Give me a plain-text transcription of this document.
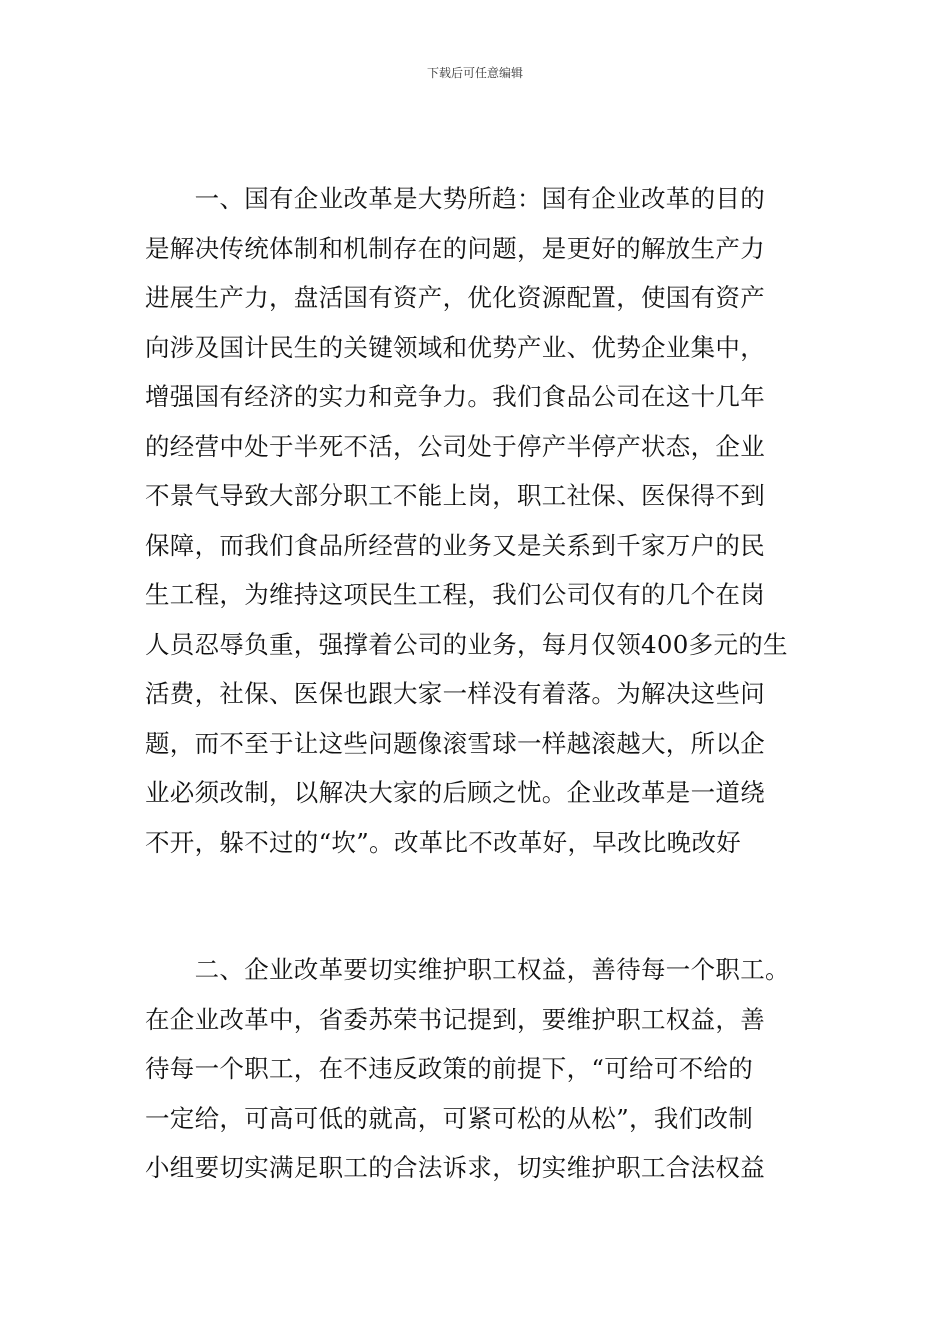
下载后可任意编辑
　　一、国有企业改革是大势所趋：国有企业改革的目的
是解决传统体制和机制存在的问题，是更好的解放生产力
进展生产力，盘活国有资产，优化资源配置，使国有资产
向涉及国计民生的关键领域和优势产业、优势企业集中，
增强国有经济的实力和竞争力。我们食品公司在这十几年
的经营中处于半死不活，公司处于停产半停产状态，企业
不景气导致大部分职工不能上岗，职工社保、医保得不到
保障，而我们食品所经营的业务又是关系到千家万户的民
生工程，为维持这项民生工程，我们公司仅有的几个在岗
人员忍辱负重，强撑着公司的业务，每月仅领400多元的生
活费，社保、医保也跟大家一样没有着落。为解决这些问
题，而不至于让这些问题像滚雪球一样越滚越大，所以企
业必须改制，以解决大家的后顾之忧。企业改革是一道绕
不开，躲不过的“坎”。改革比不改革好，早改比晚改好
　　二、企业改革要切实维护职工权益，善待每一个职工。
在企业改革中，省委苏荣书记提到，要维护职工权益，善
待每一个职工，在不违反政策的前提下，“可给可不给的
一定给，可高可低的就高，可紧可松的从松”，我们改制
小组要切实满足职工的合法诉求，切实维护职工合法权益
